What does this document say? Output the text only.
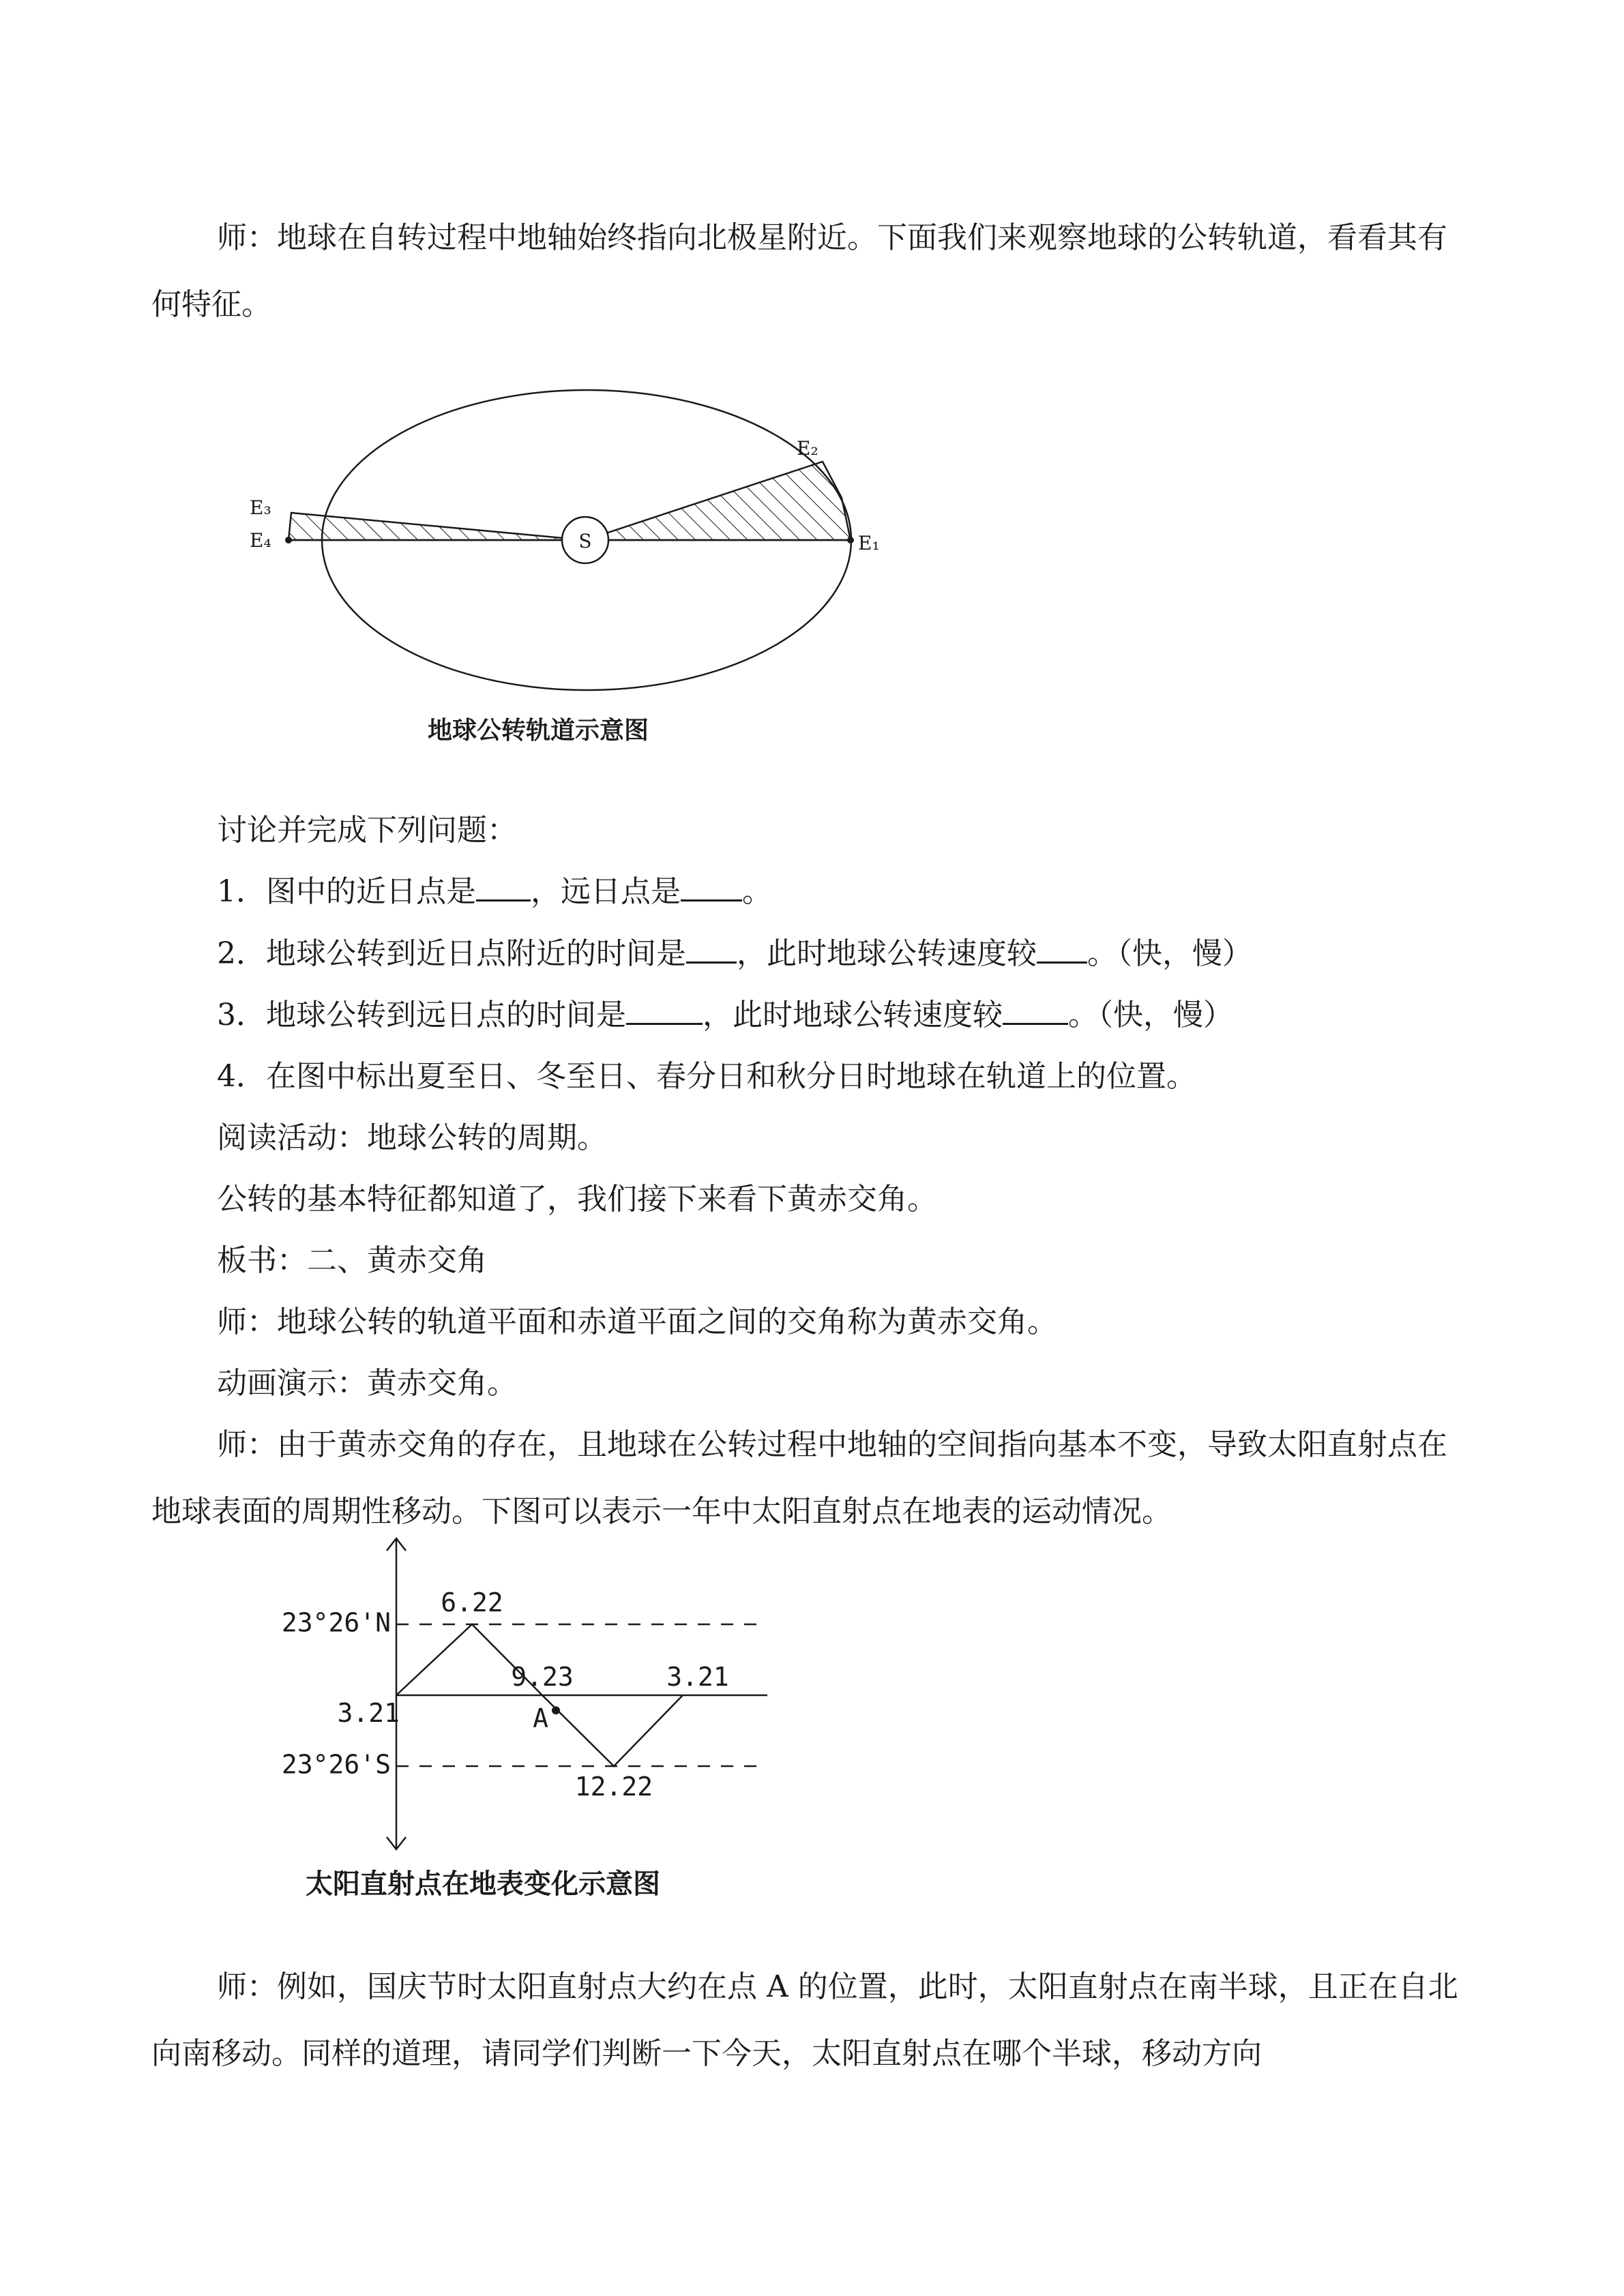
师：地球在自转过程中地轴始终指向北极星附近。下面我们来观察地球的公转轨道，看看其有何特征。

S	E₁
E₂
E₃
E₄
地球公转轨道示意图

讨论并完成下列问题：

1．图中的近日点是 ，远日点是 。

2．地球公转到近日点附近的时间是 ，此时地球公转速度较 。（快，慢）

3．地球公转到远日点的时间是	，此时地球公转速度较 。（快，慢）

4．在图中标出夏至日、冬至日、春分日和秋分日时地球在轨道上的位置。

阅读活动：地球公转的周期。

公转的基本特征都知道了，我们接下来看下黄赤交角。

板书：二、黄赤交角

师：地球公转的轨道平面和赤道平面之间的交角称为黄赤交角。

动画演示：黄赤交角。

师：由于黄赤交角的存在，且地球在公转过程中地轴的空间指向基本不变，导致太阳直射点在地球表面的周期性移动。下图可以表示一年中太阳直射点在地表的运动情况。

23°26'N
23°26'S
3.21
6.22
9.23
12.22
3.21
A
太阳直射点在地表变化示意图

师：例如，国庆节时太阳直射点大约在点 A 的位置，此时，太阳直射点在南半球，且正在自北向南移动。同样的道理，请同学们判断一下今天，太阳直射点在哪个半球，移动方向
